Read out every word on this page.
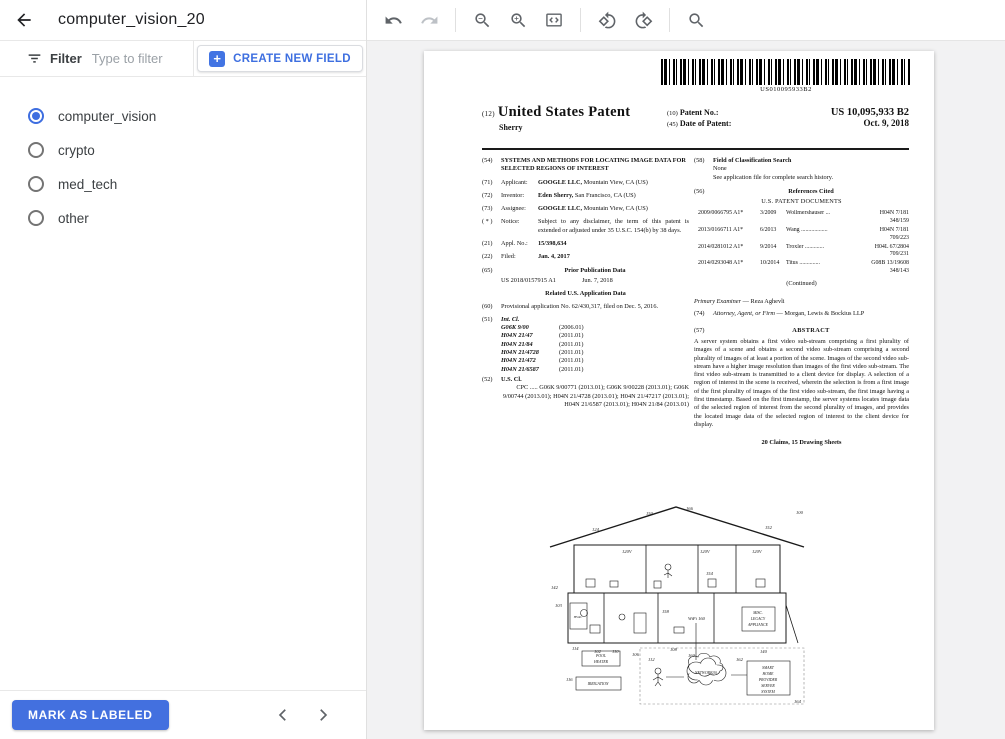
computer_vision_20
Filter
Type to filter	+	CREATE NEW FIELD
computer_vision
crypto
med_tech
other
MARK AS LABELED
US010095933B2
(12) United States Patent
Sherry
(10) Patent No.:	US 10,095,933 B2
(45) Date of Patent:	Oct. 9, 2018
(54)	SYSTEMS AND METHODS FOR LOCATING IMAGE DATA FOR SELECTED REGIONS OF INTEREST
(71)	Applicant:	GOOGLE LLC, Mountain View, CA (US)
(72)	Inventor:	Eden Sherry, San Francisco, CA (US)
(73)	Assignee:	GOOGLE LLC, Mountain View, CA (US)
( * )	Notice:	Subject to any disclaimer, the term of this patent is extended or adjusted under 35 U.S.C. 154(b) by 38 days.
(21)	Appl. No.:	15/398,634
(22)	Filed:	Jan. 4, 2017
(65)	Prior Publication Data
US 2018/0157915 A1	Jun. 7, 2018
Related U.S. Application Data
(60)	Provisional application No. 62/430,317, filed on Dec. 5, 2016.
(51)	Int. Cl.
G06K 9/00	(2006.01)
H04N 21/47	(2011.01)
H04N 21/84	(2011.01)
H04N 21/4728	(2011.01)
H04N 21/472	(2011.01)
H04N 21/6587	(2011.01)
(52)	U.S. Cl.
CPC ..... G06K 9/00771 (2013.01); G06K 9/00228 (2013.01); G06K 9/00744 (2013.01); H04N 21/4728 (2013.01); H04N 21/47217 (2013.01); H04N 21/6587 (2013.01); H04N 21/84 (2013.01)
(58)	Field of Classification Search
None
See application file for complete search history.
(56)	References Cited
U.S. PATENT DOCUMENTS
2009/0066795 A1*	3/2009	Wollmershauser ...	H04N 7/181
348/159
2013/0166711 A1*	6/2013	Wang ..................	H04N 7/181
709/223
2014/0281012 A1*	9/2014	Troxler .............	H04L 67/2804
709/231
2014/0293048 A1*	10/2014	Titus ..............	G08B 13/19608
348/143
(Continued)
Primary Examiner — Reza Aghevli
(74)	Attorney, Agent, or Firm — Morgan, Lewis & Bockius LLP
(57)	ABSTRACT
A server system obtains a first video sub-stream comprising a first plurality of images of a scene and obtains a second video sub-stream comprising a second plurality of images of at least a portion of the scene. Images of the second video sub-stream have a higher image resolution than images of the first video sub-stream. The first video sub-stream is transmitted to a client device for display. A selection of a region of interest in the scene is received, wherein the selection is from a first image of the first plurality of images of the first video sub-stream, the first image having a first timestamp. Based on the first timestamp, the server systems locates image data of the selected region of interest from the second plurality of images, and provides the located image data of the selected region of interest to the client device for display.
20 Claims, 15 Drawing Sheets
150
166
100
124	152
120V	120V	120V
142
154
103
102 110
106
112
108
158
WiFi 160
140
114
116
160
162
164
HVAC
MISC.
LEGACY
APPLIANCE
POOL
HEATER
IRRIGATION
NETWORK(S)
SMART
HOME
PROVIDER
SERVER
SYSTEM
